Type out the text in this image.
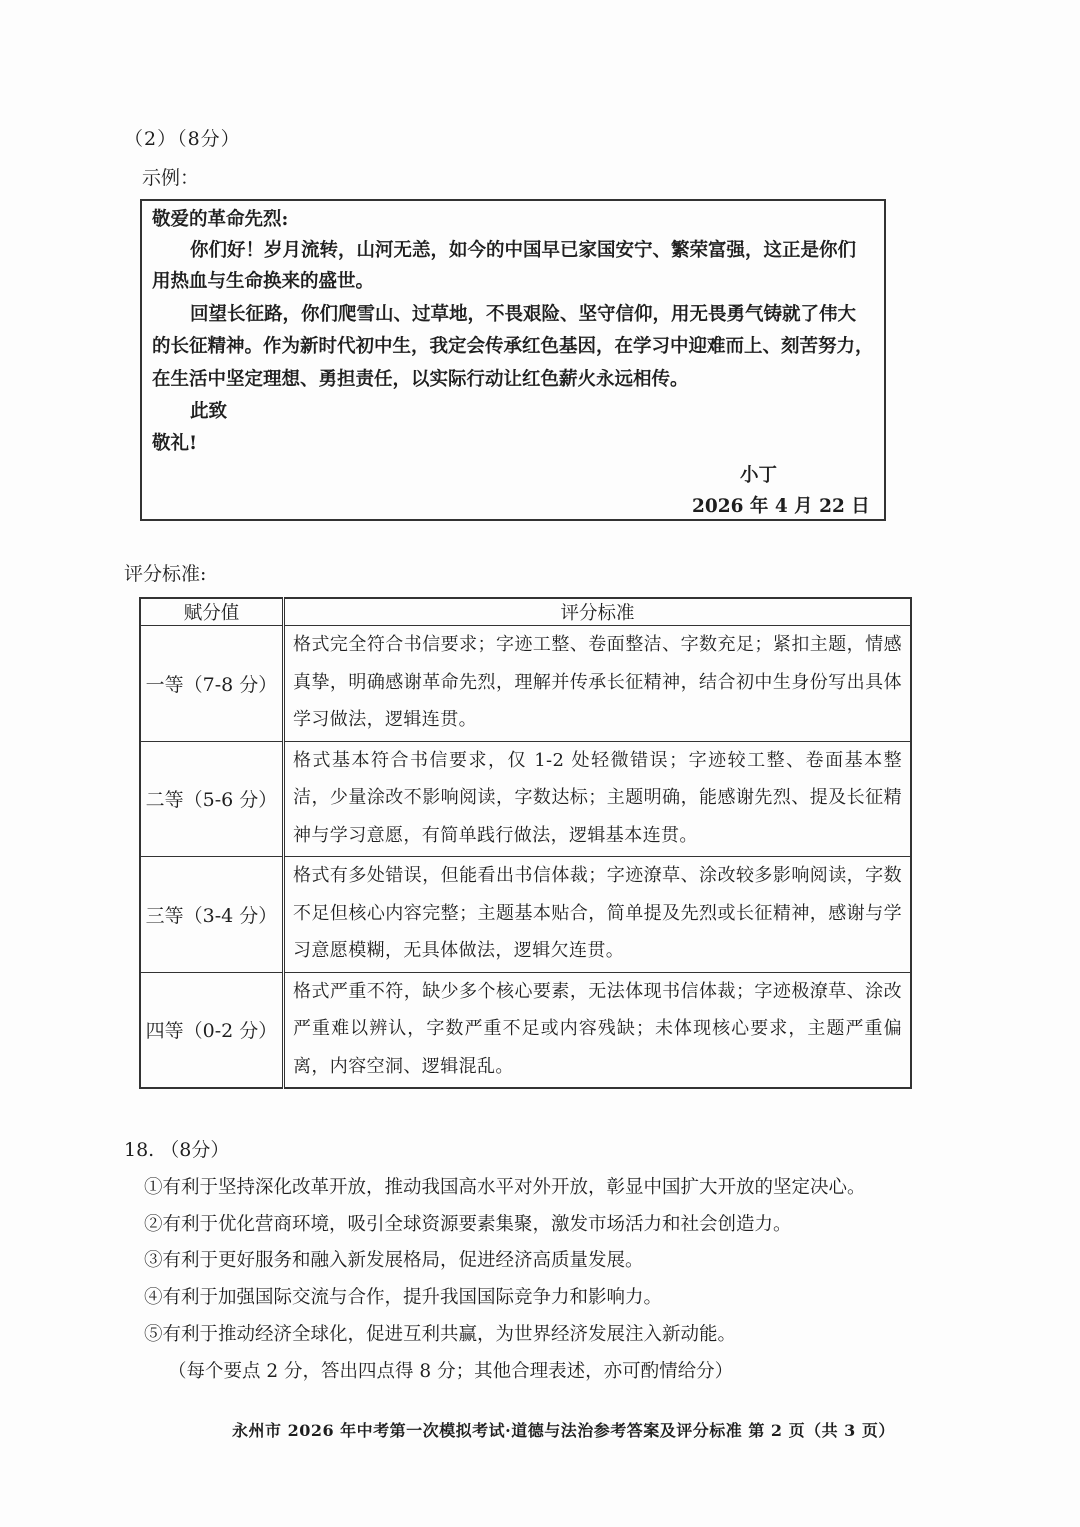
（2）（8分）
示例：
敬爱的革命先烈:
你们好！岁月流转，山河无恙，如今的中国早已家国安宁、繁荣富强，这正是你们
用热血与生命换来的盛世。
回望长征路，你们爬雪山、过草地，不畏艰险、坚守信仰，用无畏勇气铸就了伟大
的长征精神。作为新时代初中生，我定会传承红色基因，在学习中迎难而上、刻苦努力，
在生活中坚定理想、勇担责任，以实际行动让红色薪火永远相传。
此致
敬礼!
小丁
2026 年 4 月 22 日
评分标准:
赋分值	评分标准
一等（7-8 分）	格式完全符合书信要求；字迹工整、卷面整洁、字数充足；紧扣主题，情感真挚，明确感谢革命先烈，理解并传承长征精神，结合初中生身份写出具体学习做法，逻辑连贯。
二等（5-6 分）	格式基本符合书信要求，仅 1-2 处轻微错误；字迹较工整、卷面基本整洁，少量涂改不影响阅读，字数达标；主题明确，能感谢先烈、提及长征精神与学习意愿，有简单践行做法，逻辑基本连贯。
三等（3-4 分）	格式有多处错误，但能看出书信体裁；字迹潦草、涂改较多影响阅读，字数不足但核心内容完整；主题基本贴合，简单提及先烈或长征精神，感谢与学习意愿模糊，无具体做法，逻辑欠连贯。
四等（0-2 分）	格式严重不符，缺少多个核心要素，无法体现书信体裁；字迹极潦草、涂改严重难以辨认，字数严重不足或内容残缺；未体现核心要求，主题严重偏离，内容空洞、逻辑混乱。
18. （8分）
①有利于坚持深化改革开放，推动我国高水平对外开放，彰显中国扩大开放的坚定决心。
②有利于优化营商环境，吸引全球资源要素集聚，激发市场活力和社会创造力。
③有利于更好服务和融入新发展格局，促进经济高质量发展。
④有利于加强国际交流与合作，提升我国国际竞争力和影响力。
⑤有利于推动经济全球化，促进互利共赢，为世界经济发展注入新动能。
（每个要点 2 分，答出四点得 8 分；其他合理表述，亦可酌情给分）
永州市 2026 年中考第一次模拟考试·道德与法治参考答案及评分标准 第 2 页（共 3 页）
